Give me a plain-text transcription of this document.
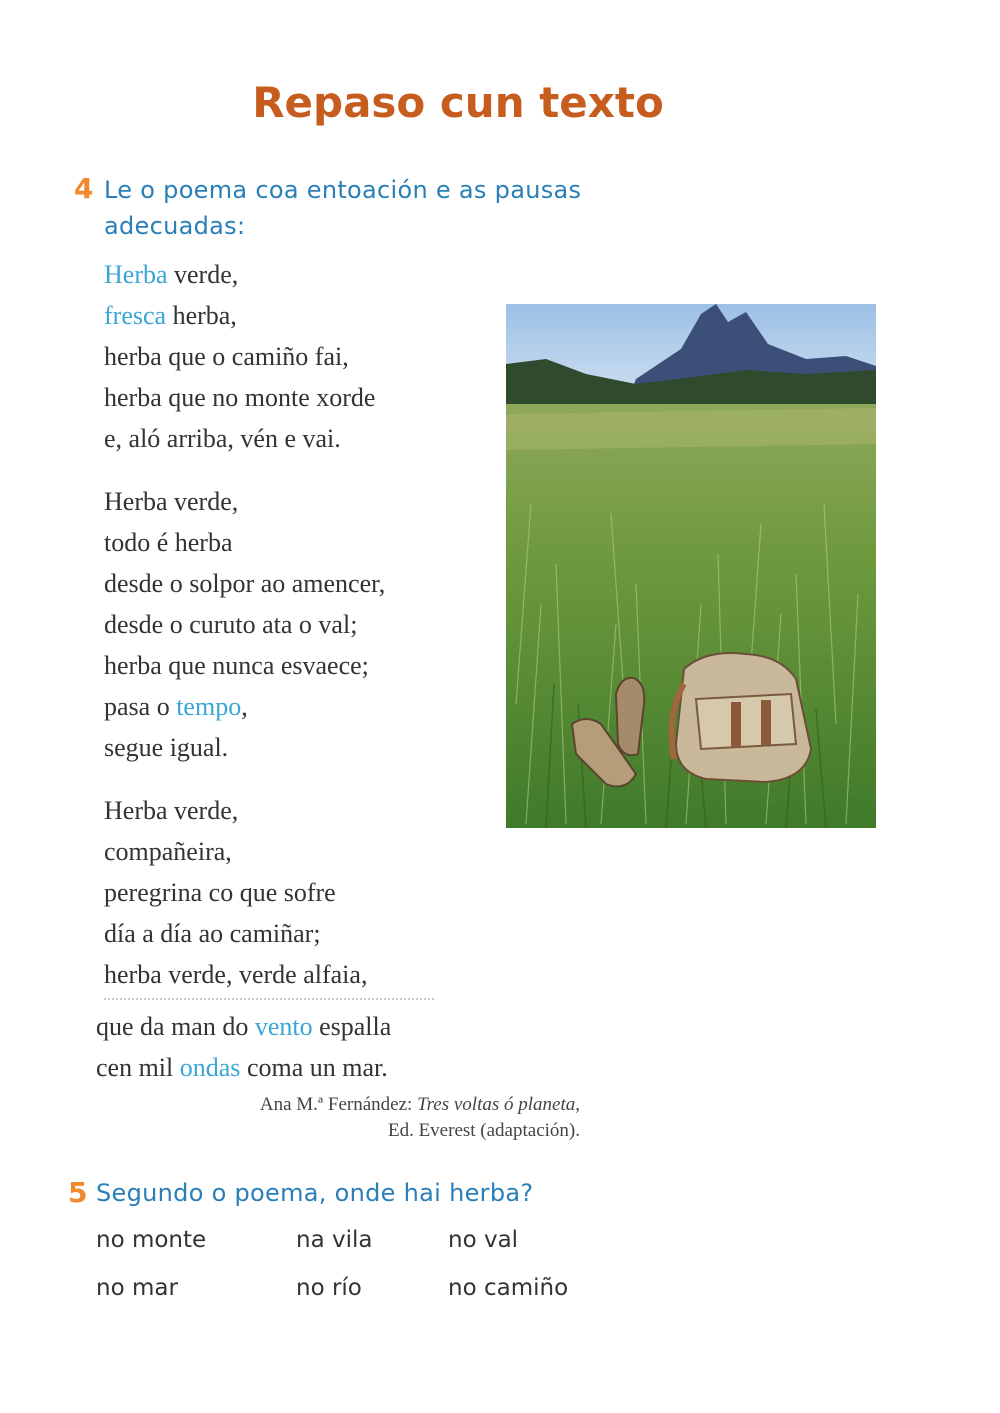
Repaso cun texto
4 Le o poema coa entoación e as pausas
adecuadas:
Herba verde,
fresca herba,
herba que o camiño fai,
herba que no monte xorde
e, aló arriba, vén e vai.
Herba verde,
todo é herba
desde o solpor ao amencer,
desde o curuto ata o val;
herba que nunca esvaece;
pasa o tempo,
segue igual.
Herba verde,
compañeira,
peregrina co que sofre
día a día ao camiñar;
herba verde, verde alfaia,
que da man do vento espalla
cen mil ondas coma un mar.
Ana M.ª Fernández: Tres voltas ó planeta,
Ed. Everest (adaptación).
5 Segundo o poema, onde hai herba?
no monte	na vila	no val
no mar	no río	no camiño
